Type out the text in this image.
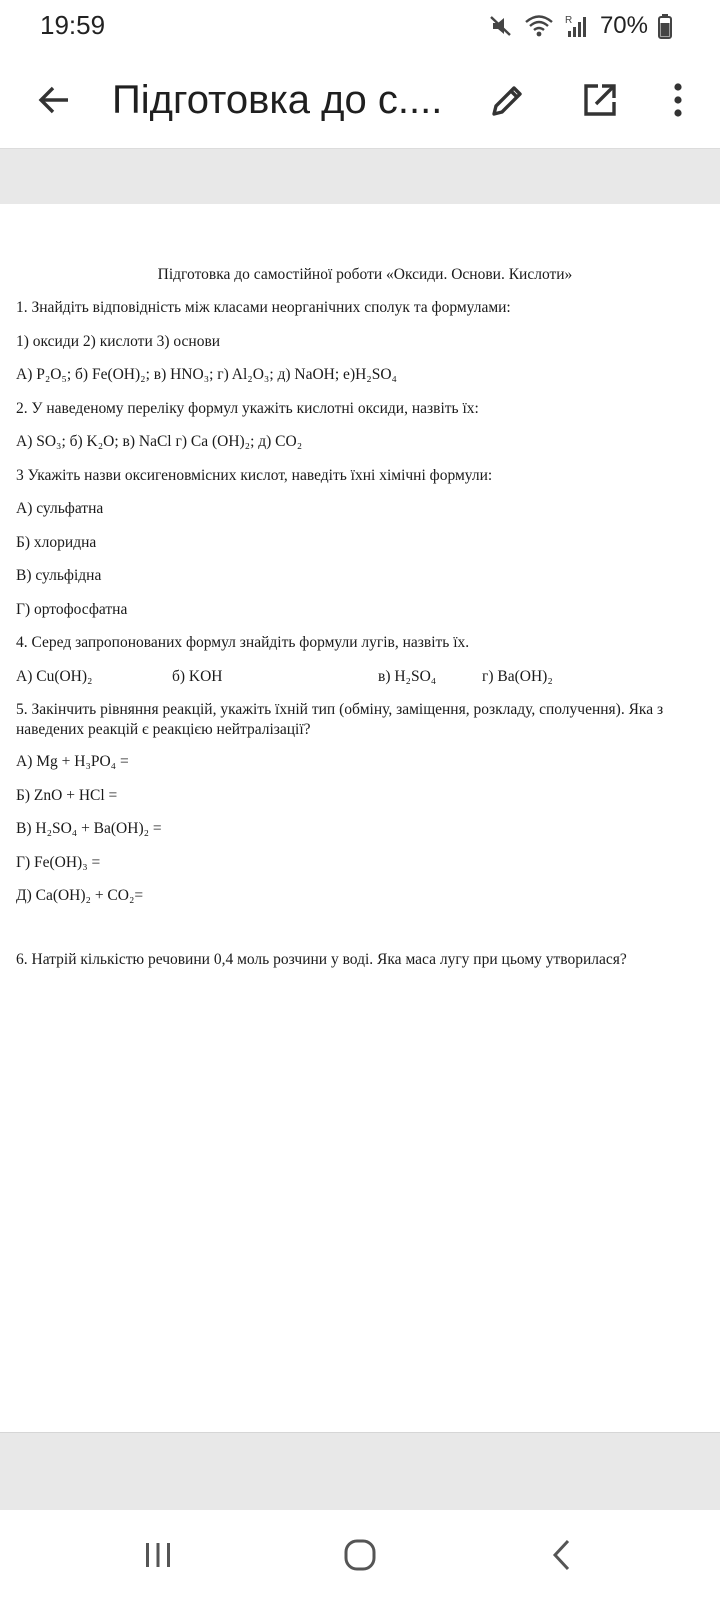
19:59	R 70%
Підготовка до с....
Підготовка до самостійної роботи «Оксиди. Основи. Кислоти»
1. Знайдіть відповідність між класами неорганічних сполук та формулами:
1) оксиди 2) кислоти 3) основи
А) P₂O₅; б) Fe(OH)₂; в) HNO₃; г) Al₂O₃; д) NaOH; е)H₂SO₄
2. У наведеному переліку формул укажіть кислотні оксиди, назвіть їх:
А) SO₃; б) K₂O; в) NaCl г) Ca (OH)₂; д) CO₂
3 Укажіть назви оксигеновмісних кислот, наведіть їхні хімічні формули:
А) сульфатна
Б) хлоридна
В) сульфідна
Г) ортофосфатна
4. Серед запропонованих формул знайдіть формули лугів, назвіть їх.
А) Cu(OH)₂	б) KOH	в) H₂SO₄	г) Ba(OH)₂
5. Закінчить рівняння реакцій, укажіть їхній тип (обміну, заміщення, розкладу, сполучення). Яка з наведених реакцій є реакцією нейтралізації?
А) Mg + H₃PO₄ =
Б) ZnO + HCl =
В) H₂SO₄ + Ba(OH)₂ =
Г) Fe(OH)₃ =
Д) Ca(OH)₂ + CO₂=
6. Натрій кількістю речовини 0,4 моль розчини у воді. Яка маса лугу при цьому утворилася?
